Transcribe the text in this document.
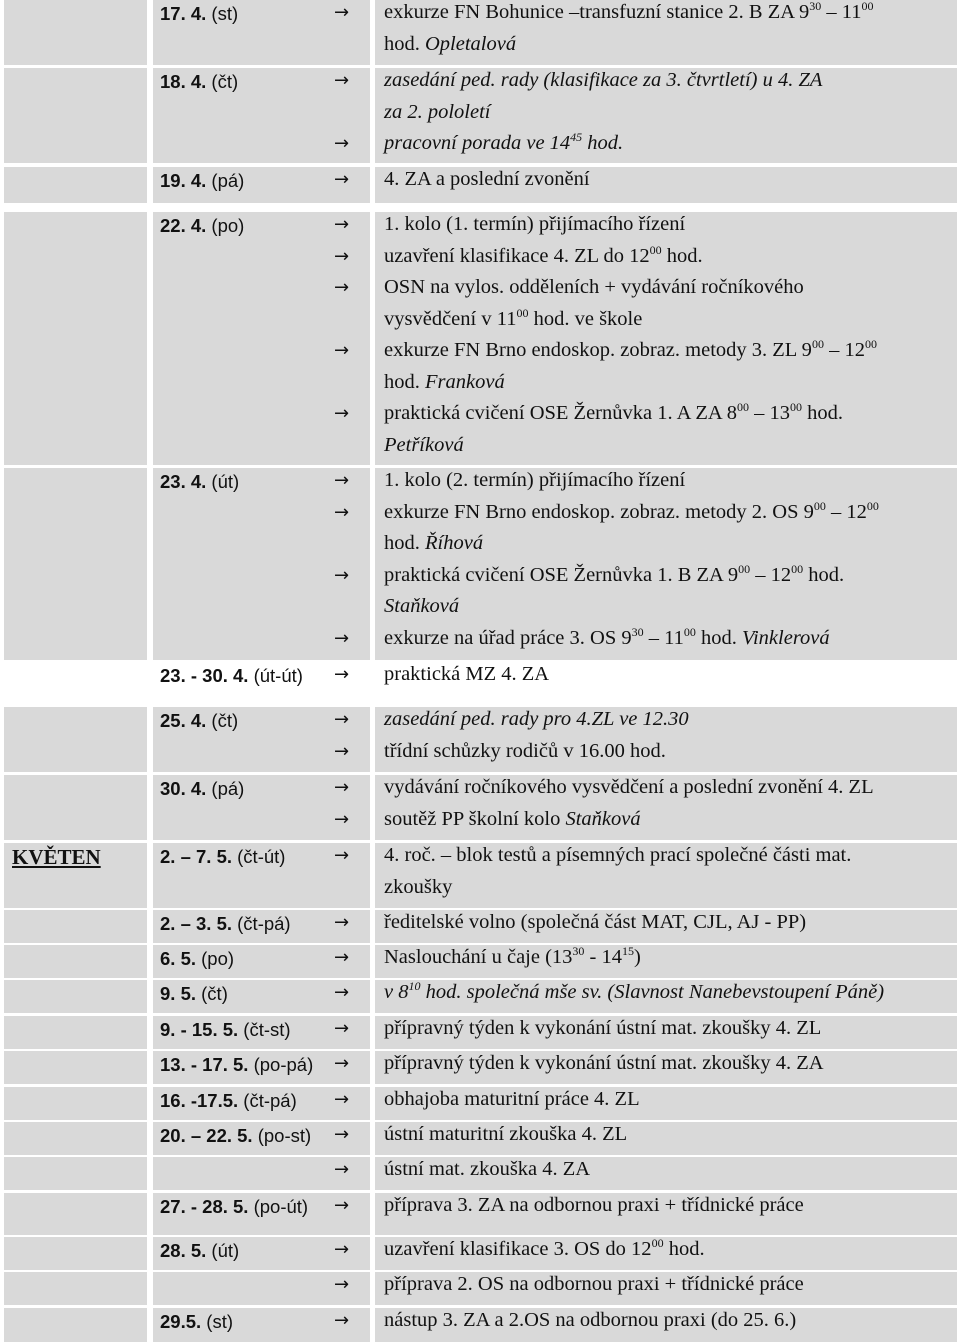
17. 4. (st)	→ exkurze FN Bohunice –transfuzní stanice 2. B ZA $9^{30} - 11^{00}$
hod. Opletalová
18. 4. (čt)	→ zasedání ped. rady (klasifikace za 3. čtvrtletí) u 4. ZA
za 2. pololetí
→ pracovní porada ve $14^{45}$ hod.
19. 4. (pá)	→ 4. ZA a poslední zvonění
22. 4. (po)	→ 1. kolo (1. termín) přijímacího řízení
→ uzavření klasifikace 4. ZL do $12^{00}$ hod.
→ OSN na vylos. odděleních + vydávání ročníkového
vysvědčení v $11^{00}$ hod. ve škole
→ exkurze FN Brno endoskop. zobraz. metody 3. ZL $9^{00} - 12^{00}$
hod. Franková
→ praktická cvičení OSE Žernůvka 1. A ZA $8^{00} - 13^{00}$ hod.
Petříková
23. 4. (út)	→ 1. kolo (2. termín) přijímacího řízení
→ exkurze FN Brno endoskop. zobraz. metody 2. OS $9^{00} - 12^{00}$
hod. Říhová
→ praktická cvičení OSE Žernůvka 1. B ZA $9^{00} - 12^{00}$ hod.
Staňková
→ exkurze na úřad práce 3. OS $9^{30} - 11^{00}$ hod. Vinklerová
23. - 30. 4. (út-út) → praktická MZ 4. ZA
25. 4. (čt)	→ zasedání ped. rady pro 4.ZL ve 12.30
→ třídní schůzky rodičů v 16.00 hod.
30. 4. (pá)	→ vydávání ročníkového vysvědčení a poslední zvonění 4. ZL
→ soutěž PP školní kolo Staňková
KVĚTEN	2. – 7. 5. (čt-út)	→ 4. roč. – blok testů a písemných prací společné části mat.
zkoušky
2. – 3. 5. (čt-pá) → ředitelské volno (společná část MAT, CJL, AJ - PP)
6. 5. (po)	→ Naslouchání u čaje $(13^{30} - 14^{15})$
9. 5. (čt)	→ v $8^{10}$ hod. společná mše sv. (Slavnost Nanebevstoupení Páně)
9. - 15. 5. (čt-st) → přípravný týden k vykonání ústní mat. zkoušky 4. ZL
13. - 17. 5. (po-pá) → přípravný týden k vykonání ústní mat. zkoušky 4. ZA
16. -17.5. (čt-pá) → obhajoba maturitní práce 4. ZL
20. – 22. 5. (po-st) → ústní maturitní zkouška 4. ZL
→ ústní mat. zkouška 4. ZA
27. - 28. 5. (po-út) → příprava 3. ZA na odbornou praxi + třídnické práce
28. 5. (út)	→ uzavření klasifikace 3. OS do $12^{00}$ hod.
→ příprava 2. OS na odbornou praxi + třídnické práce
29.5. (st)	→ nástup 3. ZA a 2.OS na odbornou praxi (do 25. 6.)
